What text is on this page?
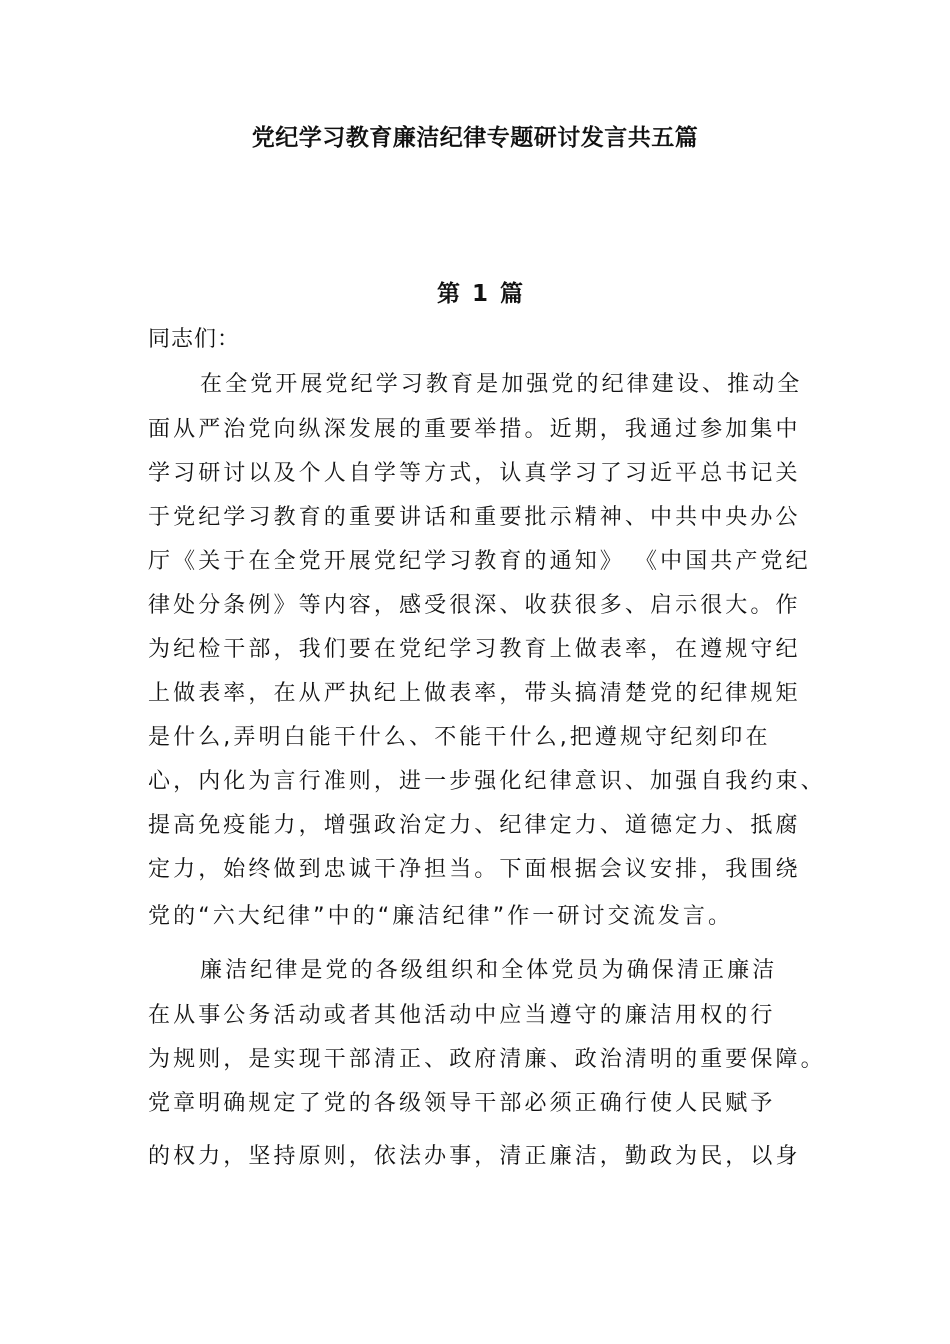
党纪学习教育廉洁纪律专题研讨发言共五篇
第 1 篇
同志们：
在全党开展党纪学习教育是加强党的纪律建设、推动全
面从严治党向纵深发展的重要举措。近期，我通过参加集中
学习研讨以及个人自学等方式，认真学习了习近平总书记关
于党纪学习教育的重要讲话和重要批示精神、中共中央办公
厅《关于在全党开展党纪学习教育的通知》 《中国共产党纪
律处分条例》等内容，感受很深、收获很多、启示很大。作
为纪检干部，我们要在党纪学习教育上做表率，在遵规守纪
上做表率，在从严执纪上做表率，带头搞清楚党的纪律规矩
是什么,弄明白能干什么、不能干什么,把遵规守纪刻印在
心，内化为言行准则，进一步强化纪律意识、加强自我约束、
提高免疫能力，增强政治定力、纪律定力、道德定力、抵腐
定力，始终做到忠诚干净担当。下面根据会议安排，我围绕
党的“六大纪律”中的“廉洁纪律”作一研讨交流发言。
廉洁纪律是党的各级组织和全体党员为确保清正廉洁
在从事公务活动或者其他活动中应当遵守的廉洁用权的行
为规则，是实现干部清正、政府清廉、政治清明的重要保障。
党章明确规定了党的各级领导干部必须正确行使人民赋予
的权力，坚持原则，依法办事，清正廉洁，勤政为民，以身
